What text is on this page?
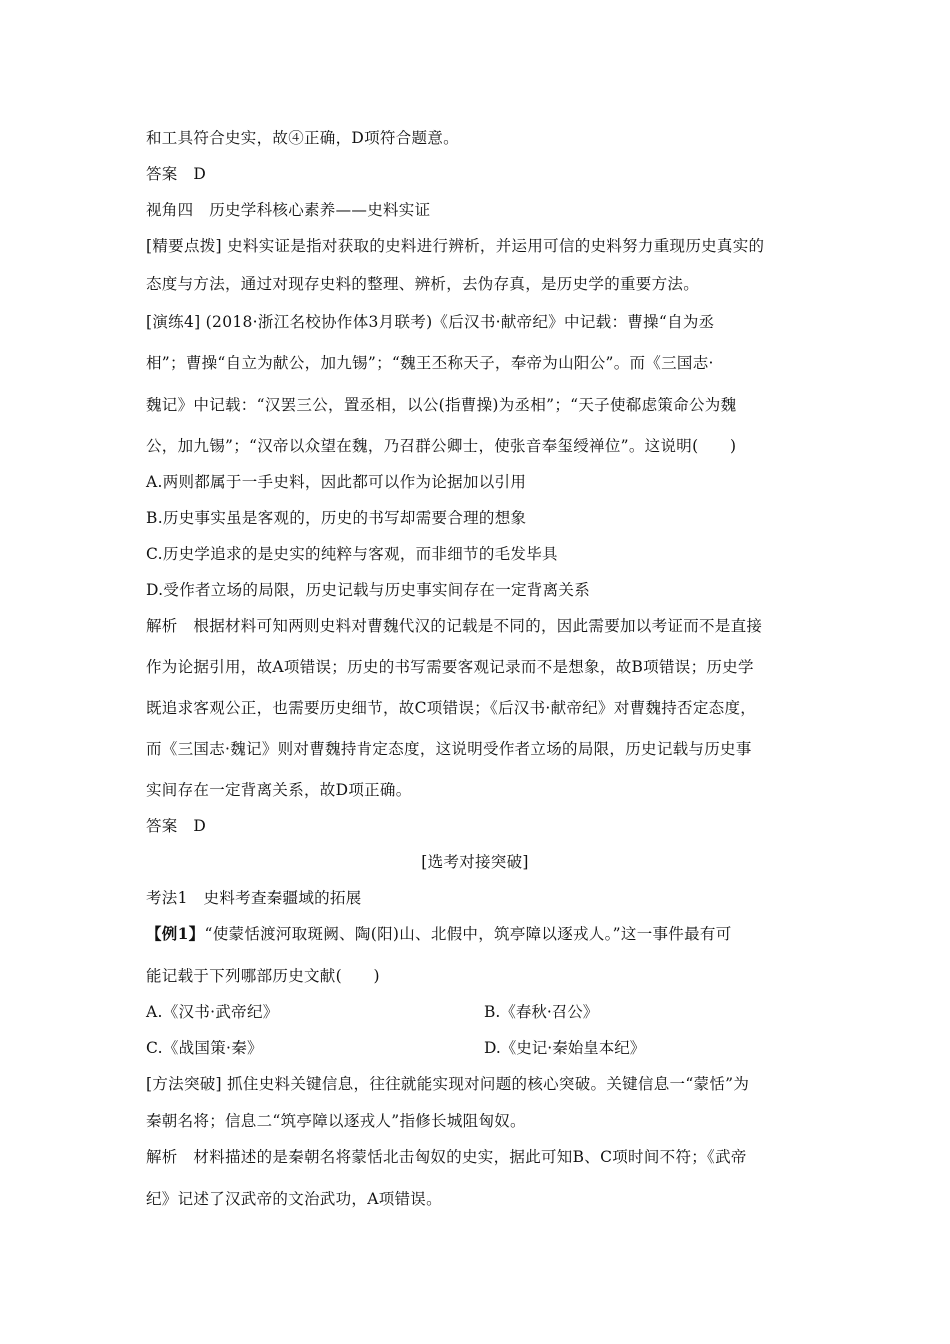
和工具符合史实，故④正确，D项符合题意。
答案　D
视角四　历史学科核心素养——史料实证
[精要点拨] 史料实证是指对获取的史料进行辨析，并运用可信的史料努力重现历史真实的
态度与方法，通过对现存史料的整理、辨析，去伪存真，是历史学的重要方法。
[演练4] (2018·浙江名校协作体3月联考)《后汉书·献帝纪》中记载：曹操“自为丞
相”；曹操“自立为献公，加九锡”；“魏王丕称天子，奉帝为山阳公”。而《三国志·
魏记》中记载：“汉罢三公，置丞相，以公(指曹操)为丞相”；“天子使郗虑策命公为魏
公，加九锡”；“汉帝以众望在魏，乃召群公卿士，使张音奉玺绶禅位”。这说明(　　)
A.两则都属于一手史料，因此都可以作为论据加以引用
B.历史事实虽是客观的，历史的书写却需要合理的想象
C.历史学追求的是史实的纯粹与客观，而非细节的毛发毕具
D.受作者立场的局限，历史记载与历史事实间存在一定背离关系
解析　根据材料可知两则史料对曹魏代汉的记载是不同的，因此需要加以考证而不是直接
作为论据引用，故A项错误；历史的书写需要客观记录而不是想象，故B项错误；历史学
既追求客观公正，也需要历史细节，故C项错误；《后汉书·献帝纪》对曹魏持否定态度，
而《三国志·魏记》则对曹魏持肯定态度，这说明受作者立场的局限，历史记载与历史事
实间存在一定背离关系，故D项正确。
答案　D
[选考对接突破]
考法1　史料考查秦疆域的拓展
【例1】“使蒙恬渡河取斑阙、陶(阳)山、北假中，筑亭障以逐戎人。”这一事件最有可
能记载于下列哪部历史文献(　　)
A.《汉书·武帝纪》	B.《春秋·召公》
C.《战国策·秦》	D.《史记·秦始皇本纪》
[方法突破] 抓住史料关键信息，往往就能实现对问题的核心突破。关键信息一“蒙恬”为
秦朝名将；信息二“筑亭障以逐戎人”指修长城阻匈奴。
解析　材料描述的是秦朝名将蒙恬北击匈奴的史实，据此可知B、C项时间不符；《武帝
纪》记述了汉武帝的文治武功，A项错误。
